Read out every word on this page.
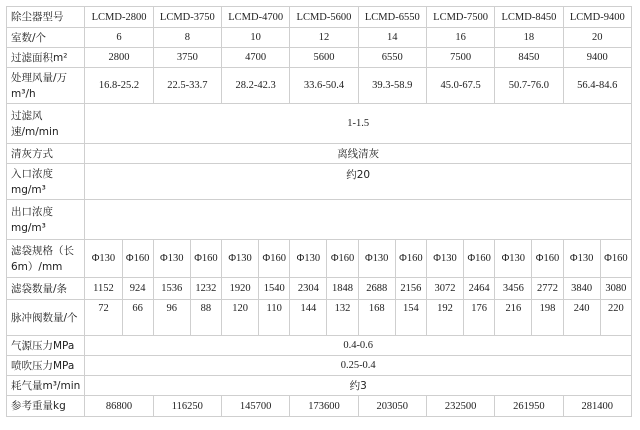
除尘器型号	LCMD-2800		LCMD-3750		LCMD-4700		LCMD-5600		LCMD-6550		LCMD-7500		LCMD-8450		LCMD-9400	
室数/个	6		8		10		12		14		16		18		20	
过滤面积m²	2800		3750		4700		5600		6550		7500		8450		9400	
处理风量/万m³/h	16.8-25.2		22.5-33.7		28.2-42.3		33.6-50.4		39.3-58.9		45.0-67.5		50.7-76.0		56.4-84.6	
过滤风速/m/min	1-1.5															
清灰方式	离线清灰															
入口浓度mg/m³	约20															
出口浓度mg/m³																
滤袋规格（长6m）/mm	Φ130	Φ160	Φ130	Φ160	Φ130	Φ160	Φ130	Φ160	Φ130	Φ160	Φ130	Φ160	Φ130	Φ160	Φ130	Φ160
滤袋数量/条	1152	924	1536	1232	1920	1540	2304	1848	2688	2156	3072	2464	3456	2772	3840	3080
脉冲阀数量/个	72	66	96	88	120	110	144	132	168	154	192	176	216	198	240	220
气源压力MPa	0.4-0.6															
喷吹压力MPa	0.25-0.4															
耗气量m³/min	约3															
参考重量kg	86800		116250		145700		173600		203050		232500		261950		281400	
